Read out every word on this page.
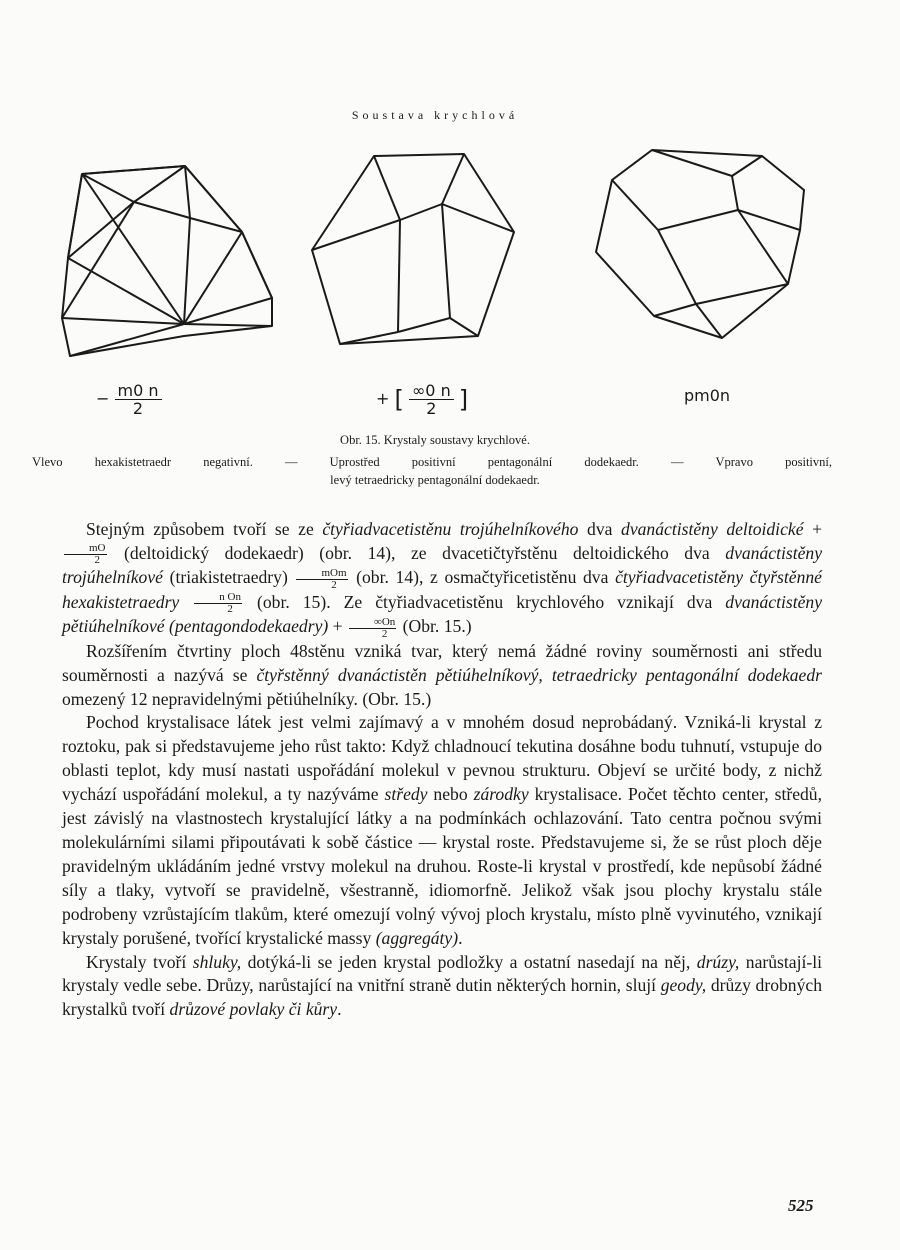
Soustava krychlová
− $\frac{m0 n}{2}$	+ [ $\frac{\infty 0 n}{2}$ ]	pm0n
Obr. 15. Krystaly soustavy krychlové.
Vlevo hexakistetraedr negativní. — Uprostřed positivní pentagonální dodekaedr. — Vpravo positivní,
levý tetraedricky pentagonální dodekaedr.

Stejným způsobem tvoří se ze čtyřiadvacetistěnu trojúhelníkového dva dvanáctistěny deltoidické +
$\frac{mO}{2}$ (deltoidický dodekaedr) (obr. 14), ze dvacetičtyřstěnu deltoidického dva dvanáctistěny trojúhelníkové (triakistetraedry)	mOm
2 (obr. 14), z osmačtyřicetistěnu dva čtyřiadvacetistěny čtyřstěnné hexakistetraedry $\frac{\text{n On}}{2} (obr$. 15). Ze čtyřiadvacetistěnu krychlového vznikají dva dvanáctistěny pětiúhelníkové (pentagondodekaedry) + $\frac{\infty On}{2} (Obr$. 15.)

Rozšířením čtvrtiny ploch 48stěnu vzniká tvar, který nemá žádné roviny souměrnosti ani středu souměrnosti a nazývá se čtyřstěnný dvanáctistěn pětiúhelníkový, tetraedricky pentagonální dodekaedr omezený 12 nepravidelnými pětiúhelníky. (Obr. 15.)

Pochod krystalisace látek jest velmi zajímavý a v mnohém dosud neprobádaný. Vzniká-li krystal z roztoku, pak si představujeme jeho růst takto: Když chladnoucí tekutina dosáhne bodu tuhnutí, vstupuje do oblasti teplot, kdy musí nastati uspořádání molekul v pevnou strukturu. Objeví se určité body, z nichž vychází uspořádání molekul, a ty nazýváme středy nebo zárodky krystalisace. Počet těchto center, středů, jest závislý na vlastnostech krystalující látky a na podmínkách ochlazování. Tato centra počnou svými molekulárními silami připoutávati k sobě částice — krystal roste. Představujeme si, že se růst ploch děje pravidelným ukládáním jedné vrstvy molekul na druhou. Roste-li krystal v prostředí, kde nepůsobí žádné síly a tlaky, vytvoří se pravidelně, všestranně, idiomorfně. Jelikož však jsou plochy krystalu stále podrobeny vzrůstajícím tlakům, které omezují volný vývoj ploch krystalu, místo plně vyvinutého, vznikají krystaly porušené, tvořící krystalické massy (aggregáty).

Krystaly tvoří shluky, dotýká-li se jeden krystal podložky a ostatní nasedají na něj, drúzy, narůstají-li krystaly vedle sebe. Drůzy, narůstající na vnitřní straně dutin některých hornin, slují geody, drůzy drobných krystalků tvoří drůzové povlaky či kůry.

525
